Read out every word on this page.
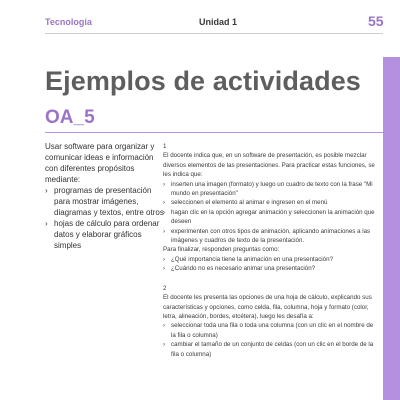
Tecnología	Unidad 1	55
Ejemplos de actividades
OA_5

Usar software para organizar y comunicar ideas e información con diferentes propósitos mediante:

› programas de presentación para mostrar imágenes, diagramas y textos, entre otros
› hojas de cálculo para ordenar datos y elaborar gráficos simples
1

El docente indica que, en un software de presentación, es posible mezclar diversos elementos de las presentaciones. Para practicar estas funciones, se les indica que:

› inserten una imagen (formato) y luego un cuadro de texto con la frase "Mi mundo en presentación"
› seleccionen el elemento al animar e ingresen en el menú
› hagan clic en la opción agregar animación y seleccionen la animación que deseen
› experimenten con otros tipos de animación, aplicando animaciones a las imágenes y cuadros de texto de la presentación.

Para finalizar, responden preguntas como:

› ¿Qué importancia tiene la animación en una presentación?
› ¿Cuándo no es necesario animar una presentación?
2

El docente les presenta las opciones de una hoja de cálculo, explicando sus características y opciones, como celda, fila, columna, hoja y formato (color, letra, alineación, bordes, etcétera), luego les desafía a:

› seleccionar toda una fila o toda una columna (con un clic en el nombre de la fila o columna)
› cambiar el tamaño de un conjunto de celdas (con un clic en el borde de la fila o columna)
